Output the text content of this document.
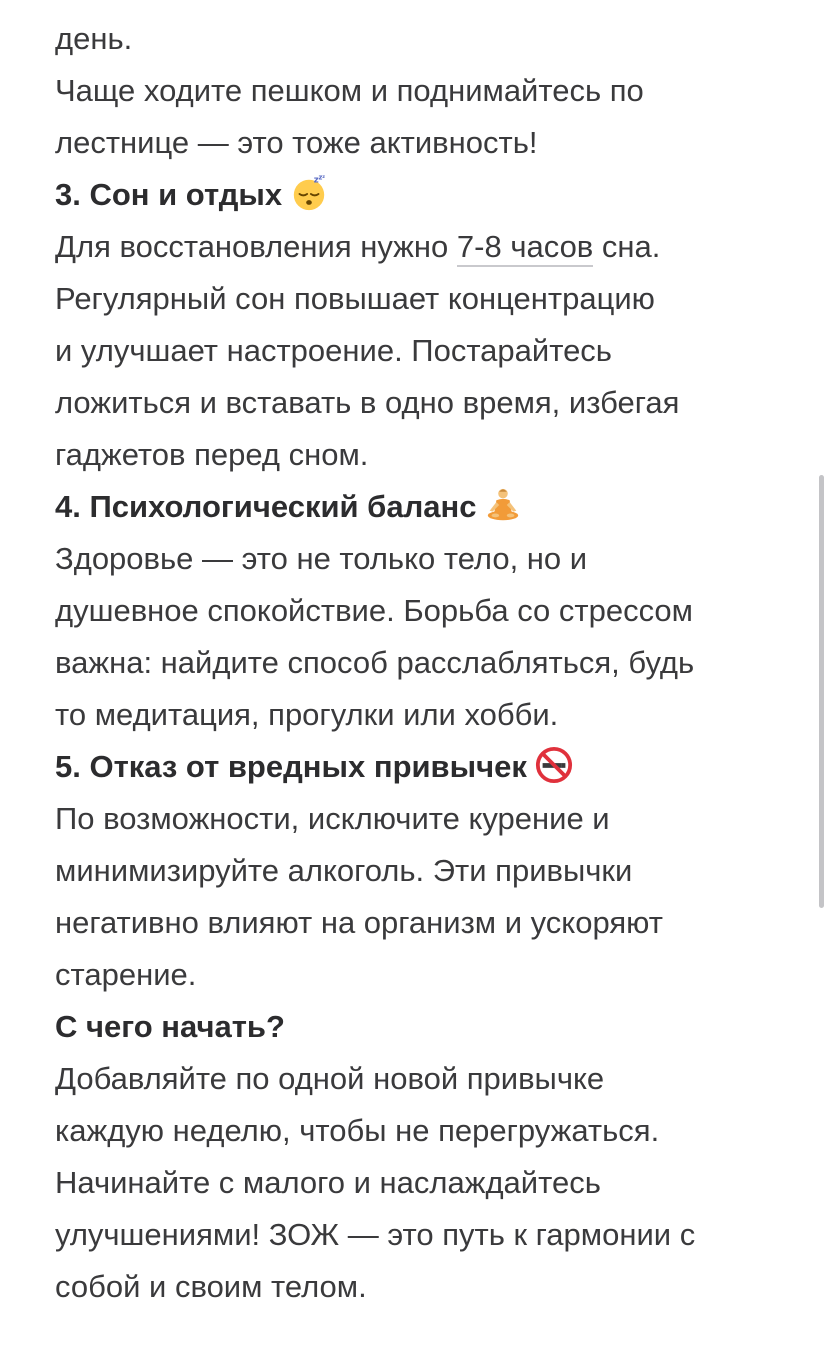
день.
Чаще ходите пешком и поднимайтесь по
лестнице — это тоже активность!
3. Сон и отдых	z z z
Для восстановления нужно 7-8 часов сна.
Регулярный сон повышает концентрацию
и улучшает настроение. Постарайтесь
ложиться и вставать в одно время, избегая
гаджетов перед сном.
4. Психологический баланс
Здоровье — это не только тело, но и
душевное спокойствие. Борьба со стрессом
важна: найдите способ расслабляться, будь
то медитация, прогулки или хобби.
5. Отказ от вредных привычек
По возможности, исключите курение и
минимизируйте алкоголь. Эти привычки
негативно влияют на организм и ускоряют
старение.
С чего начать?
Добавляйте по одной новой привычке
каждую неделю, чтобы не перегружаться.
Начинайте с малого и наслаждайтесь
улучшениями! ЗОЖ — это путь к гармонии с
собой и своим телом.
